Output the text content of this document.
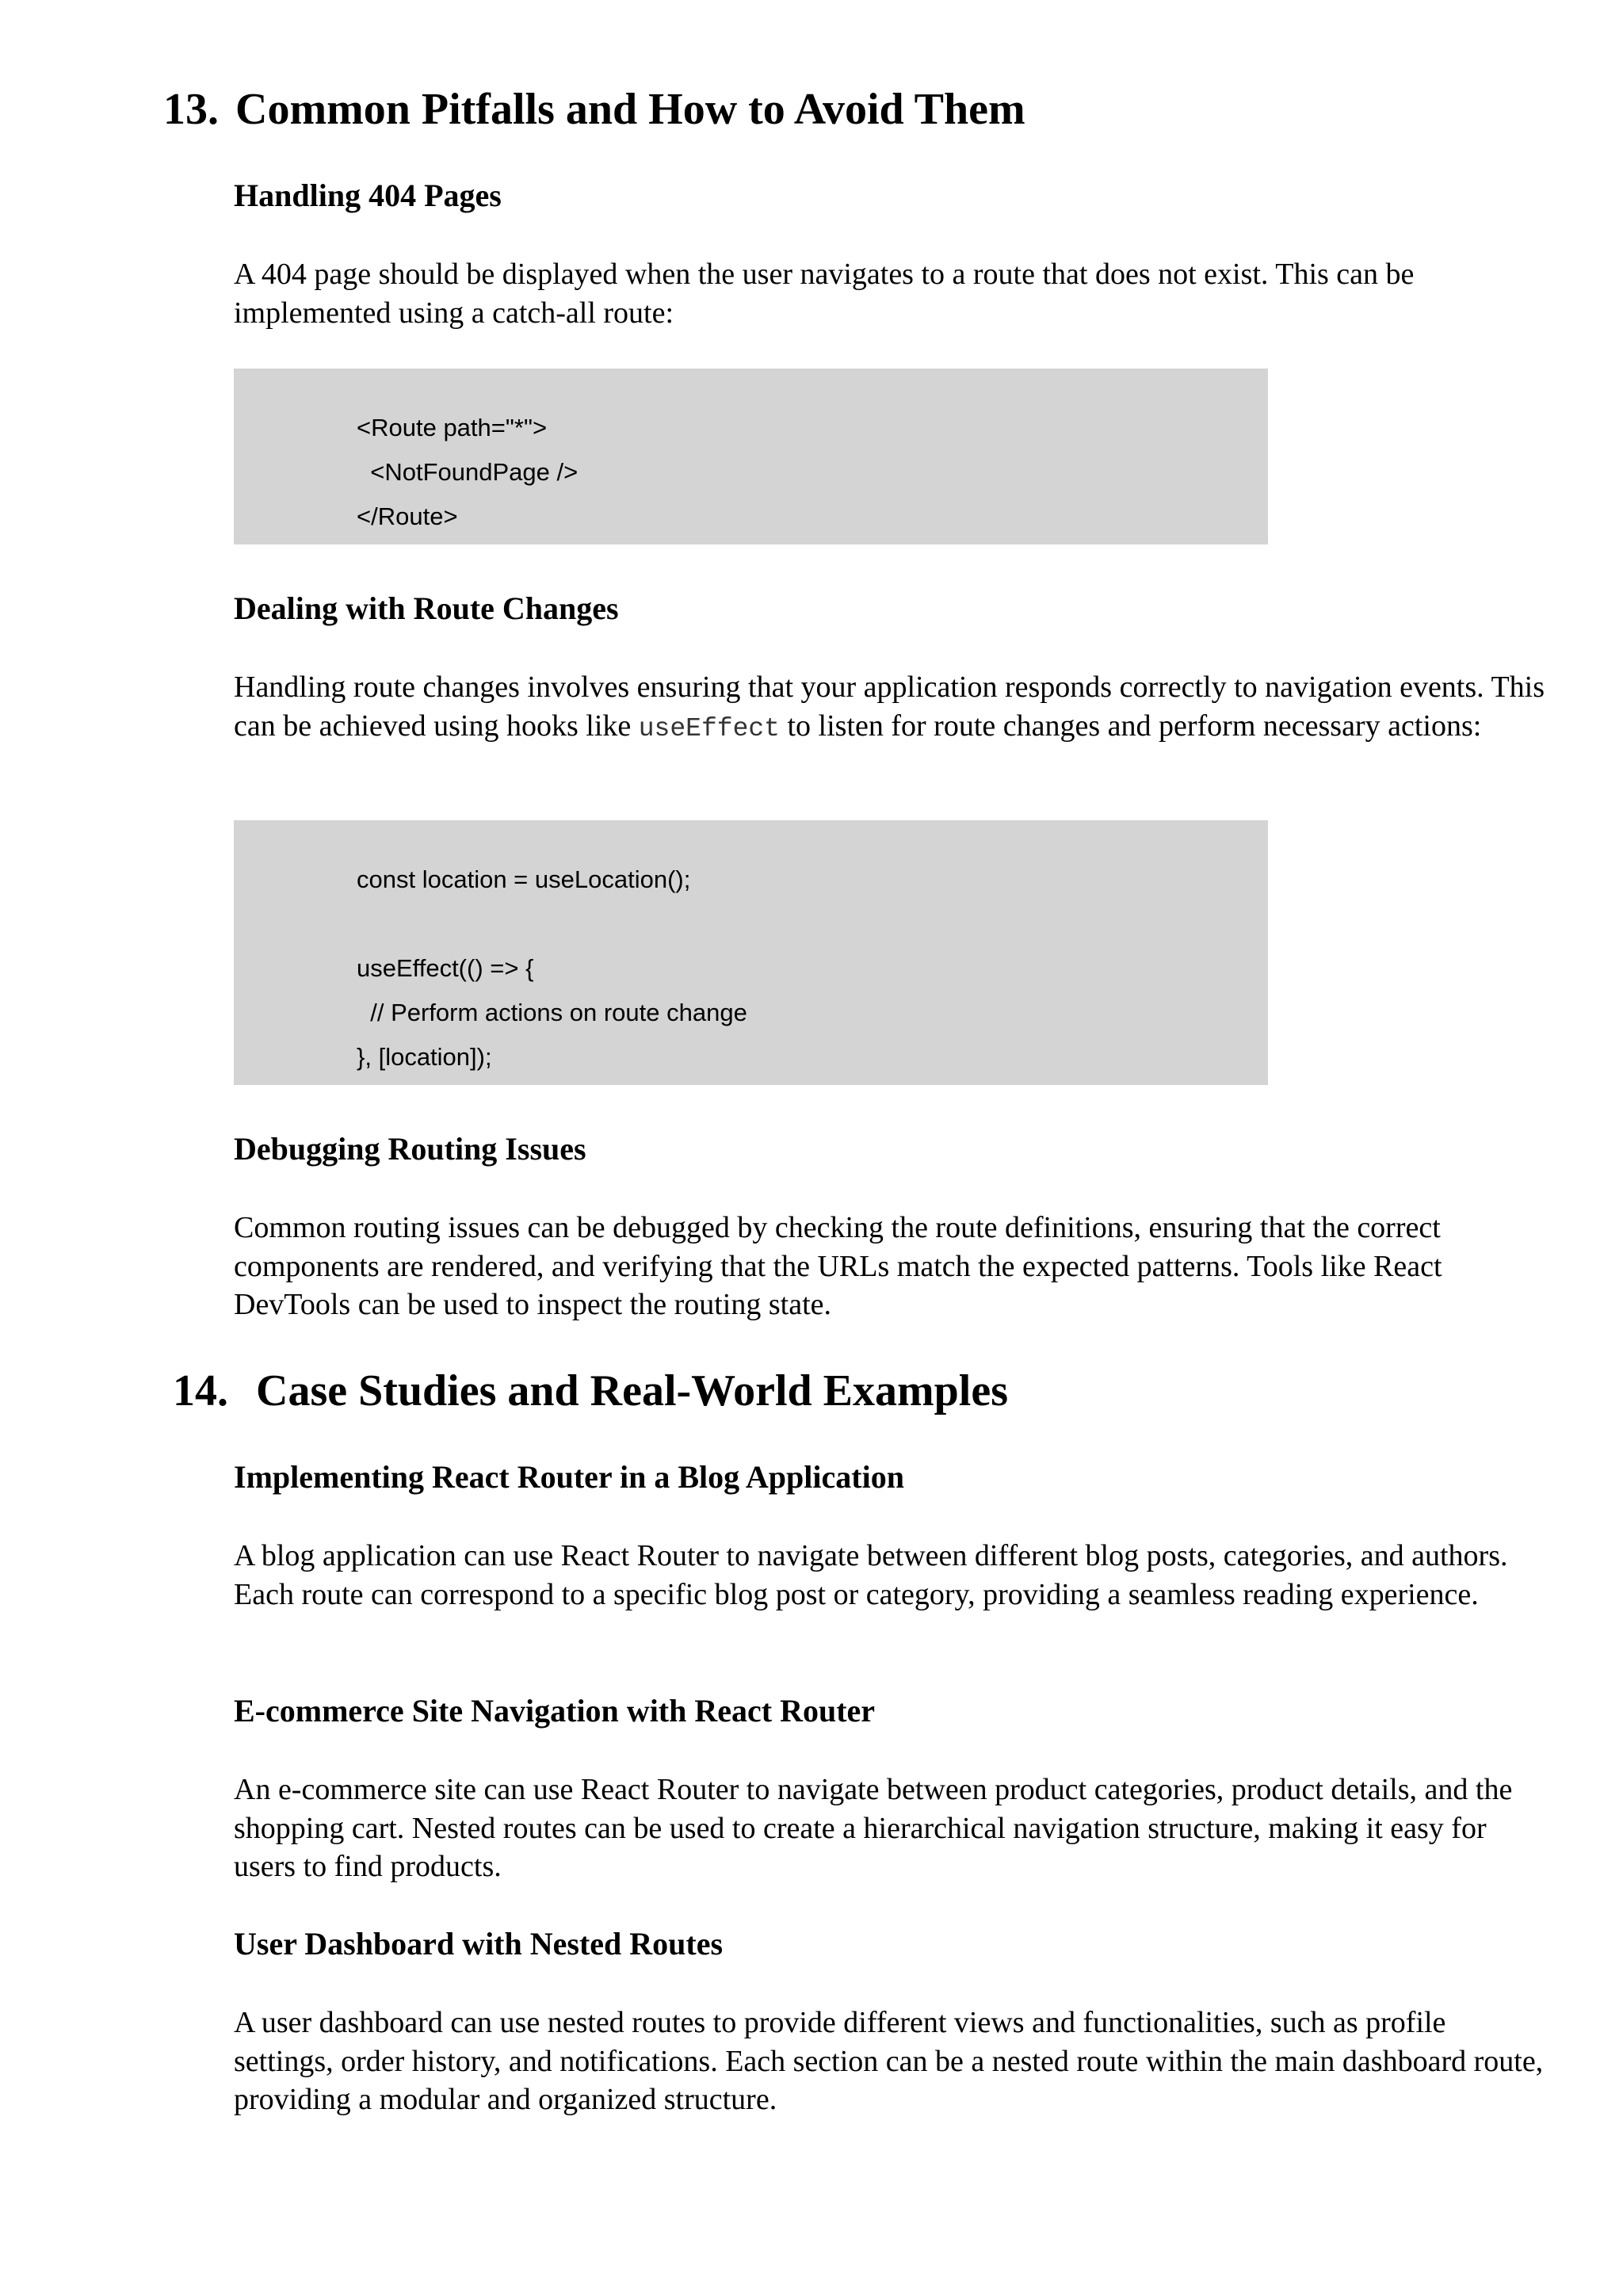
13. Common Pitfalls and How to Avoid Them
Handling 404 Pages

A 404 page should be displayed when the user navigates to a route that does not exist. This can be implemented using a catch-all route:

<Route path="*">
<NotFoundPage />
</Route>
Dealing with Route Changes

Handling route changes involves ensuring that your application responds correctly to navigation events. This can be achieved using hooks like useEffect to listen for route changes and perform necessary actions:

const location = useLocation();
useEffect(() => {
// Perform actions on route change
}, [location]);
Debugging Routing Issues

Common routing issues can be debugged by checking the route definitions, ensuring that the correct components are rendered, and verifying that the URLs match the expected patterns. Tools like React DevTools can be used to inspect the routing state.

14. Case Studies and Real-World Examples
Implementing React Router in a Blog Application

A blog application can use React Router to navigate between different blog posts, categories, and authors. Each route can correspond to a specific blog post or category, providing a seamless reading experience.

E-commerce Site Navigation with React Router

An e-commerce site can use React Router to navigate between product categories, product details, and the shopping cart. Nested routes can be used to create a hierarchical navigation structure, making it easy for users to find products.

User Dashboard with Nested Routes

A user dashboard can use nested routes to provide different views and functionalities, such as profile settings, order history, and notifications. Each section can be a nested route within the main dashboard route, providing a modular and organized structure.
